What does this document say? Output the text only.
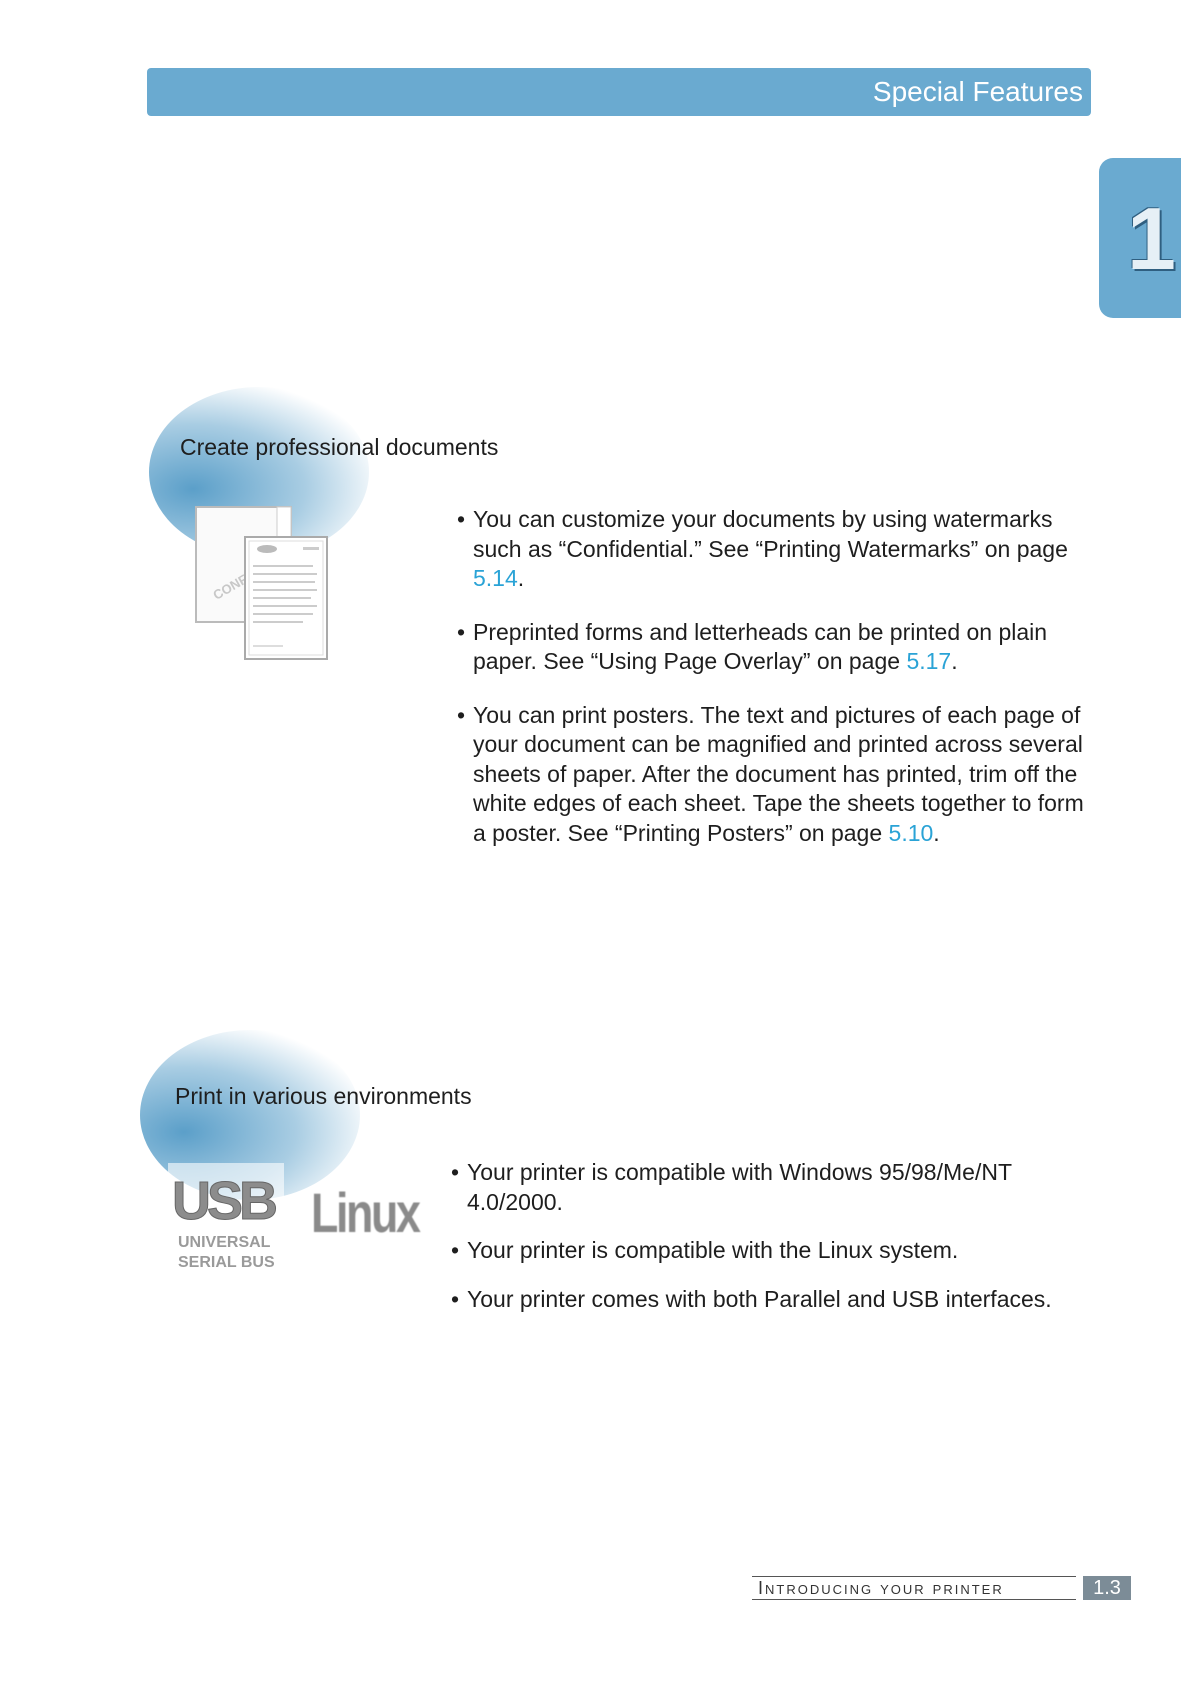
Special Features
1
Create professional documents
• You can customize your documents by using watermarks such as “Confidential.” See “Printing Watermarks” on page 5.14.
• Preprinted forms and letterheads can be printed on plain paper. See “Using Page Overlay” on page 5.17.
• You can print posters. The text and pictures of each page of your document can be magnified and printed across several sheets of paper. After the document has printed, trim off the white edges of each sheet. Tape the sheets together to form a poster. See “Printing Posters” on page 5.10.
Print in various environments
USB
UNIVERSAL
SERIAL BUS
Linux
• Your printer is compatible with Windows 95/98/Me/NT 4.0/2000.
• Your printer is compatible with the Linux system.
• Your printer comes with both Parallel and USB interfaces.
Introducing your printer	1.3
